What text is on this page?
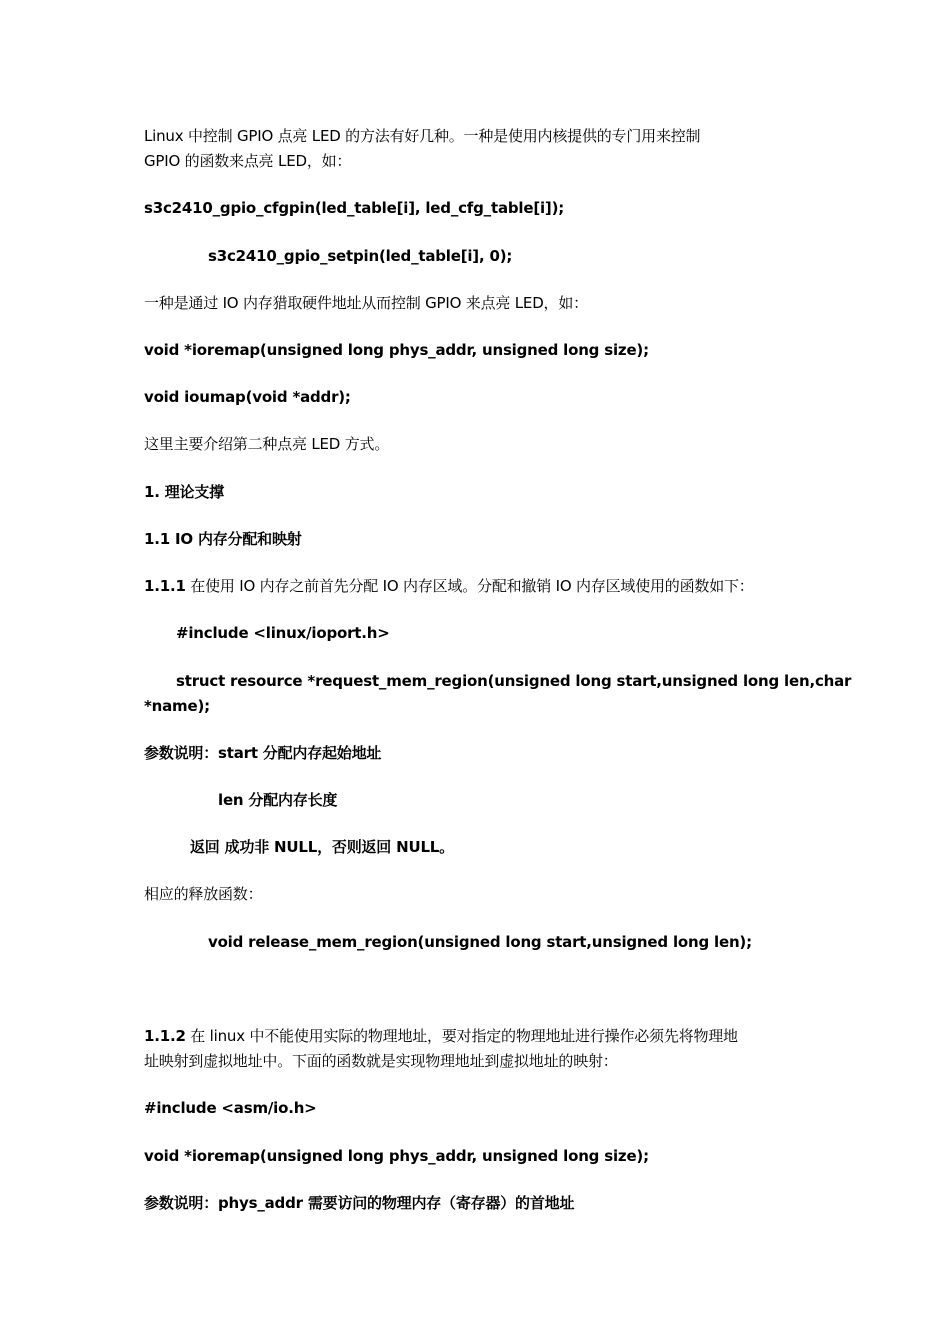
Linux 中控制 GPIO 点亮 LED 的方法有好几种。一种是使用内核提供的专门用来控制

GPIO 的函数来点亮 LED，如：

s3c2410_gpio_cfgpin(led_table[i], led_cfg_table[i]);

s3c2410_gpio_setpin(led_table[i], 0);

一种是通过 IO 内存猎取硬件地址从而控制 GPIO 来点亮 LED，如：

void *ioremap(unsigned long phys_addr, unsigned long size);

void ioumap(void *addr);

这里主要介绍第二种点亮 LED 方式。

1. 理论支撑

1.1 IO 内存分配和映射

1.1.1 在使用 IO 内存之前首先分配 IO 内存区域。分配和撤销 IO 内存区域使用的函数如下：

#include <linux/ioport.h>

struct resource *request_mem_region(unsigned long start,unsigned long len,char

*name);

参数说明：start 分配内存起始地址

len 分配内存长度

返回 成功非 NULL，否则返回 NULL。

相应的释放函数：

void release_mem_region(unsigned long start,unsigned long len);

1.1.2 在 linux 中不能使用实际的物理地址，要对指定的物理地址进行操作必须先将物理地

址映射到虚拟地址中。下面的函数就是实现物理地址到虚拟地址的映射：

#include <asm/io.h>

void *ioremap(unsigned long phys_addr, unsigned long size);

参数说明：phys_addr 需要访问的物理内存（寄存器）的首地址
